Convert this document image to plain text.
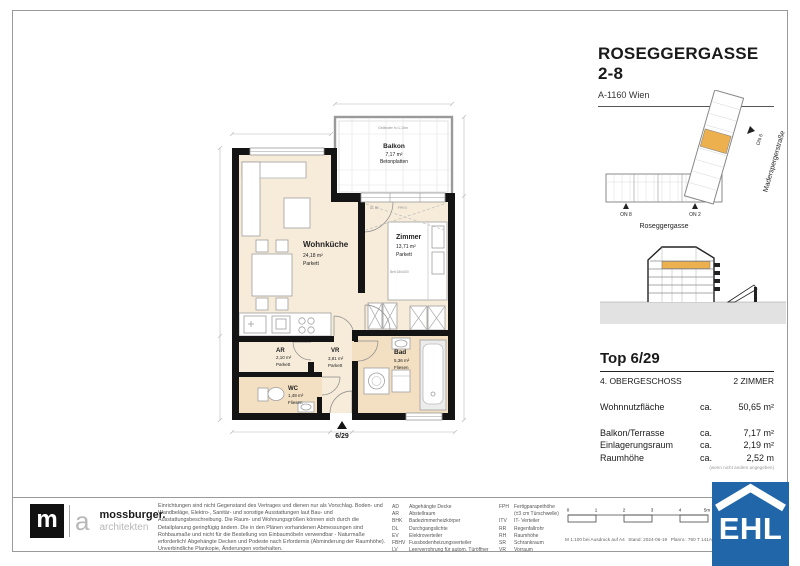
Geländer h=1,10m
Balkon
7,17 m²
Betonplatten
Wohnküche
24,18 m²
Parkett
Zimmer
13,71 m²
Parkett
Bett 180x200
DL 80	FPH 0
AR
2,10 m²
Parkett
VR
3,81 m²
Parkett
WC
1,49 m²
Fliesen
Bad
5,36 m²
Fliesen
6/29
ROSEGGERGASSE 2-8
A-1160 Wien
ON 8	ON 2
ON 6
Roseggergasse
Maderspergerstraße
Top 6/29
4. OBERGESCHOSS	2 ZIMMER
Wohnnutzfläche	ca.	50,65 m²
Balkon/Terrasse	ca.	7,17 m²
Einlagerungsraum	ca.	2,19 m²
Raumhöhe	ca.	2,52 m
(wenn nicht anders angegeben)
m a mossburger.
architekten
Einrichtungen sind nicht Gegenstand des Vertrages und dienen nur als Vorschlag. Boden- und Wandbeläge, Elektro-, Sanitär- und sonstige Ausstattungen laut Bau- und Ausstattungsbeschreibung. Die Raum- und Wohnungsgrößen können sich durch die Detailplanung geringfügig ändern. Die in den Plänen vorhandenen Abmessungen sind Rohbaumaße und nicht für die Bestellung von Einbaumöbeln verwendbar - Naturmaße erforderlich! Abgehängte Decken und Podeste nach Erfordernis (Abminderung der Raumhöhe). Unverbindliche Plankopie, Änderungen vorbehalten.
AD Abgehängte Decke
AR Abstellraum
BHK Badezimmerheizkörper
DL Durchgangslichte
EV Elektroverteiler
FBHV Fussbodenheizungsverteiler
LV Leerverrohrung für autom. Türöffner
FPH Fertigparapethöhe
(±3 cm Türschwelle)
ITV IT- Verteiler
RR Regenfallrohr
RH Raumhöhe
SR Schrankraum
VR Vorraum
0	1	2	3	4	5m
M 1:100 bei Ausdruck auf A4 Stand: 2024-06-19 Plannr.: 760 T 141A EHL
